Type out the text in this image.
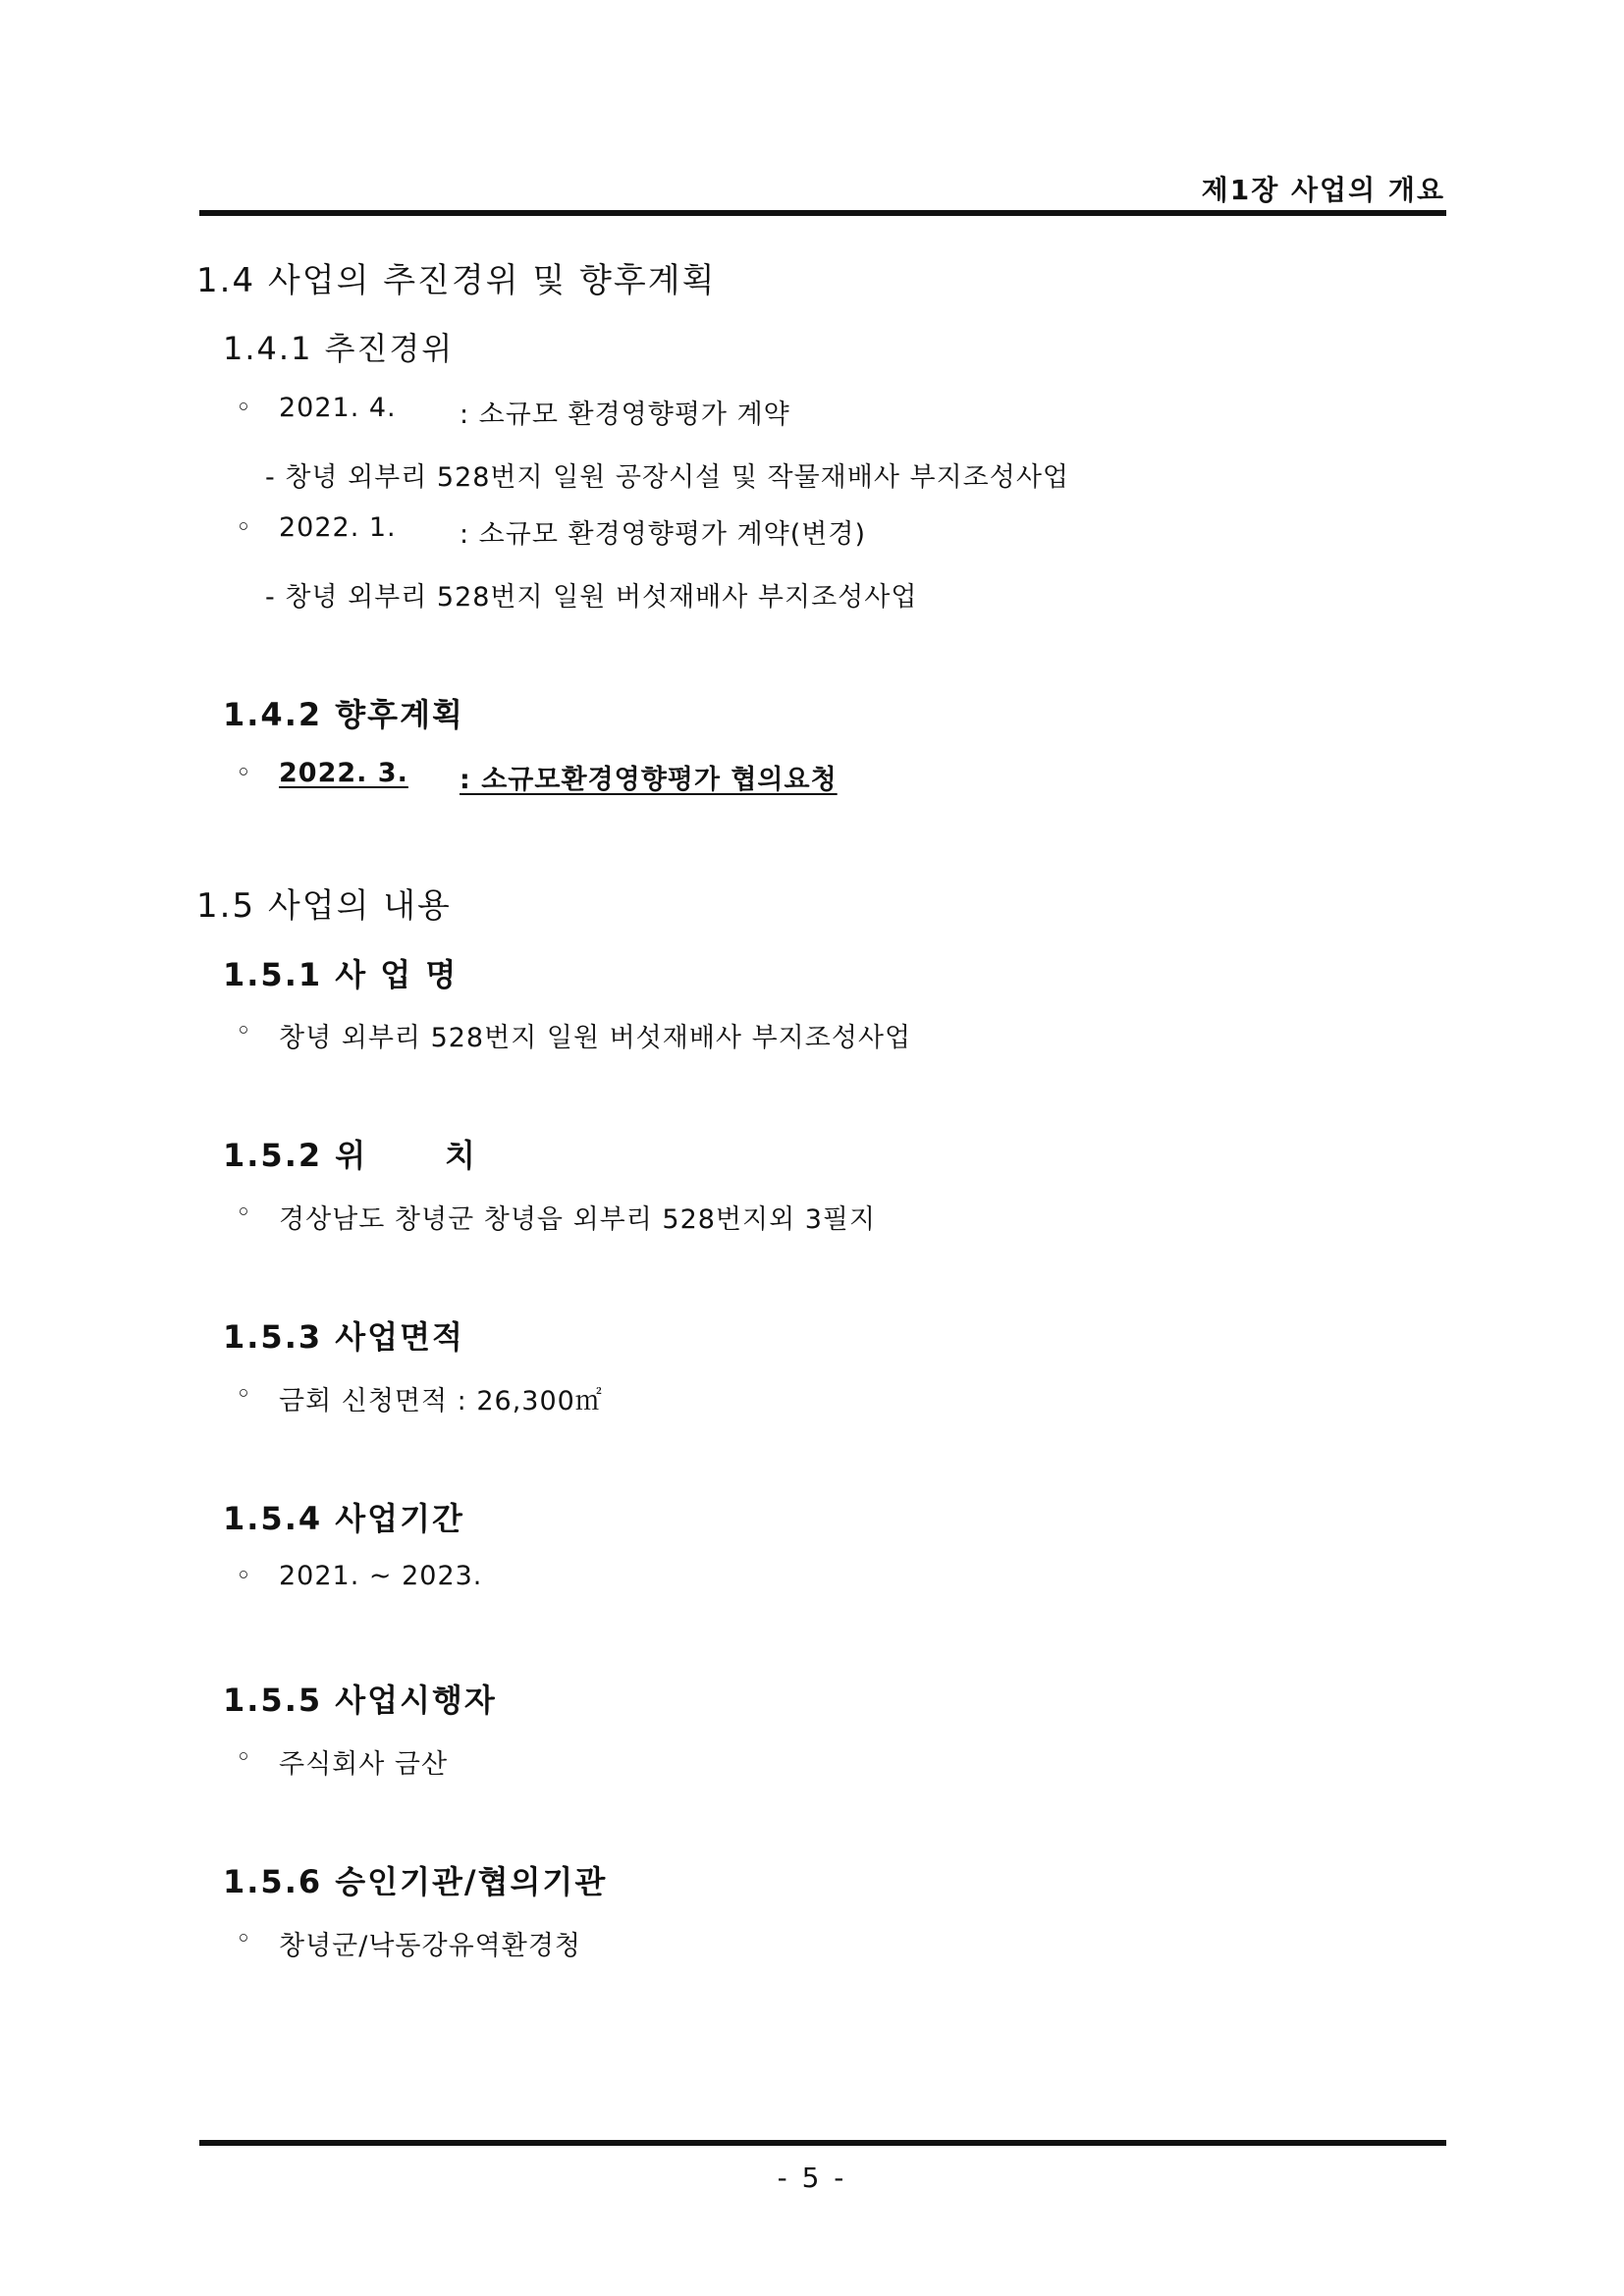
제1장 사업의 개요
1.4 사업의 추진경위 및 향후계획
1.4.1 추진경위
◦ 2021. 4. : 소규모 환경영향평가 계약
- 창녕 외부리 528번지 일원 공장시설 및 작물재배사 부지조성사업
◦ 2022. 1. : 소규모 환경영향평가 계약(변경)
- 창녕 외부리 528번지 일원 버섯재배사 부지조성사업
1.4.2 향후계획
◦ 2022. 3.	: 소규모환경영향평가 협의요청
1.5 사업의 내용
1.5.1 사 업 명
◦ 창녕 외부리 528번지 일원 버섯재배사 부지조성사업
1.5.2 위      치
◦ 경상남도 창녕군 창녕읍 외부리 528번지외 3필지
1.5.3 사업면적
◦ 금회 신청면적 : 26,300㎡
1.5.4 사업기간
◦ 2021. ~ 2023.
1.5.5 사업시행자
◦ 주식회사 금산
1.5.6 승인기관/협의기관
◦ 창녕군/낙동강유역환경청
- 5 -
